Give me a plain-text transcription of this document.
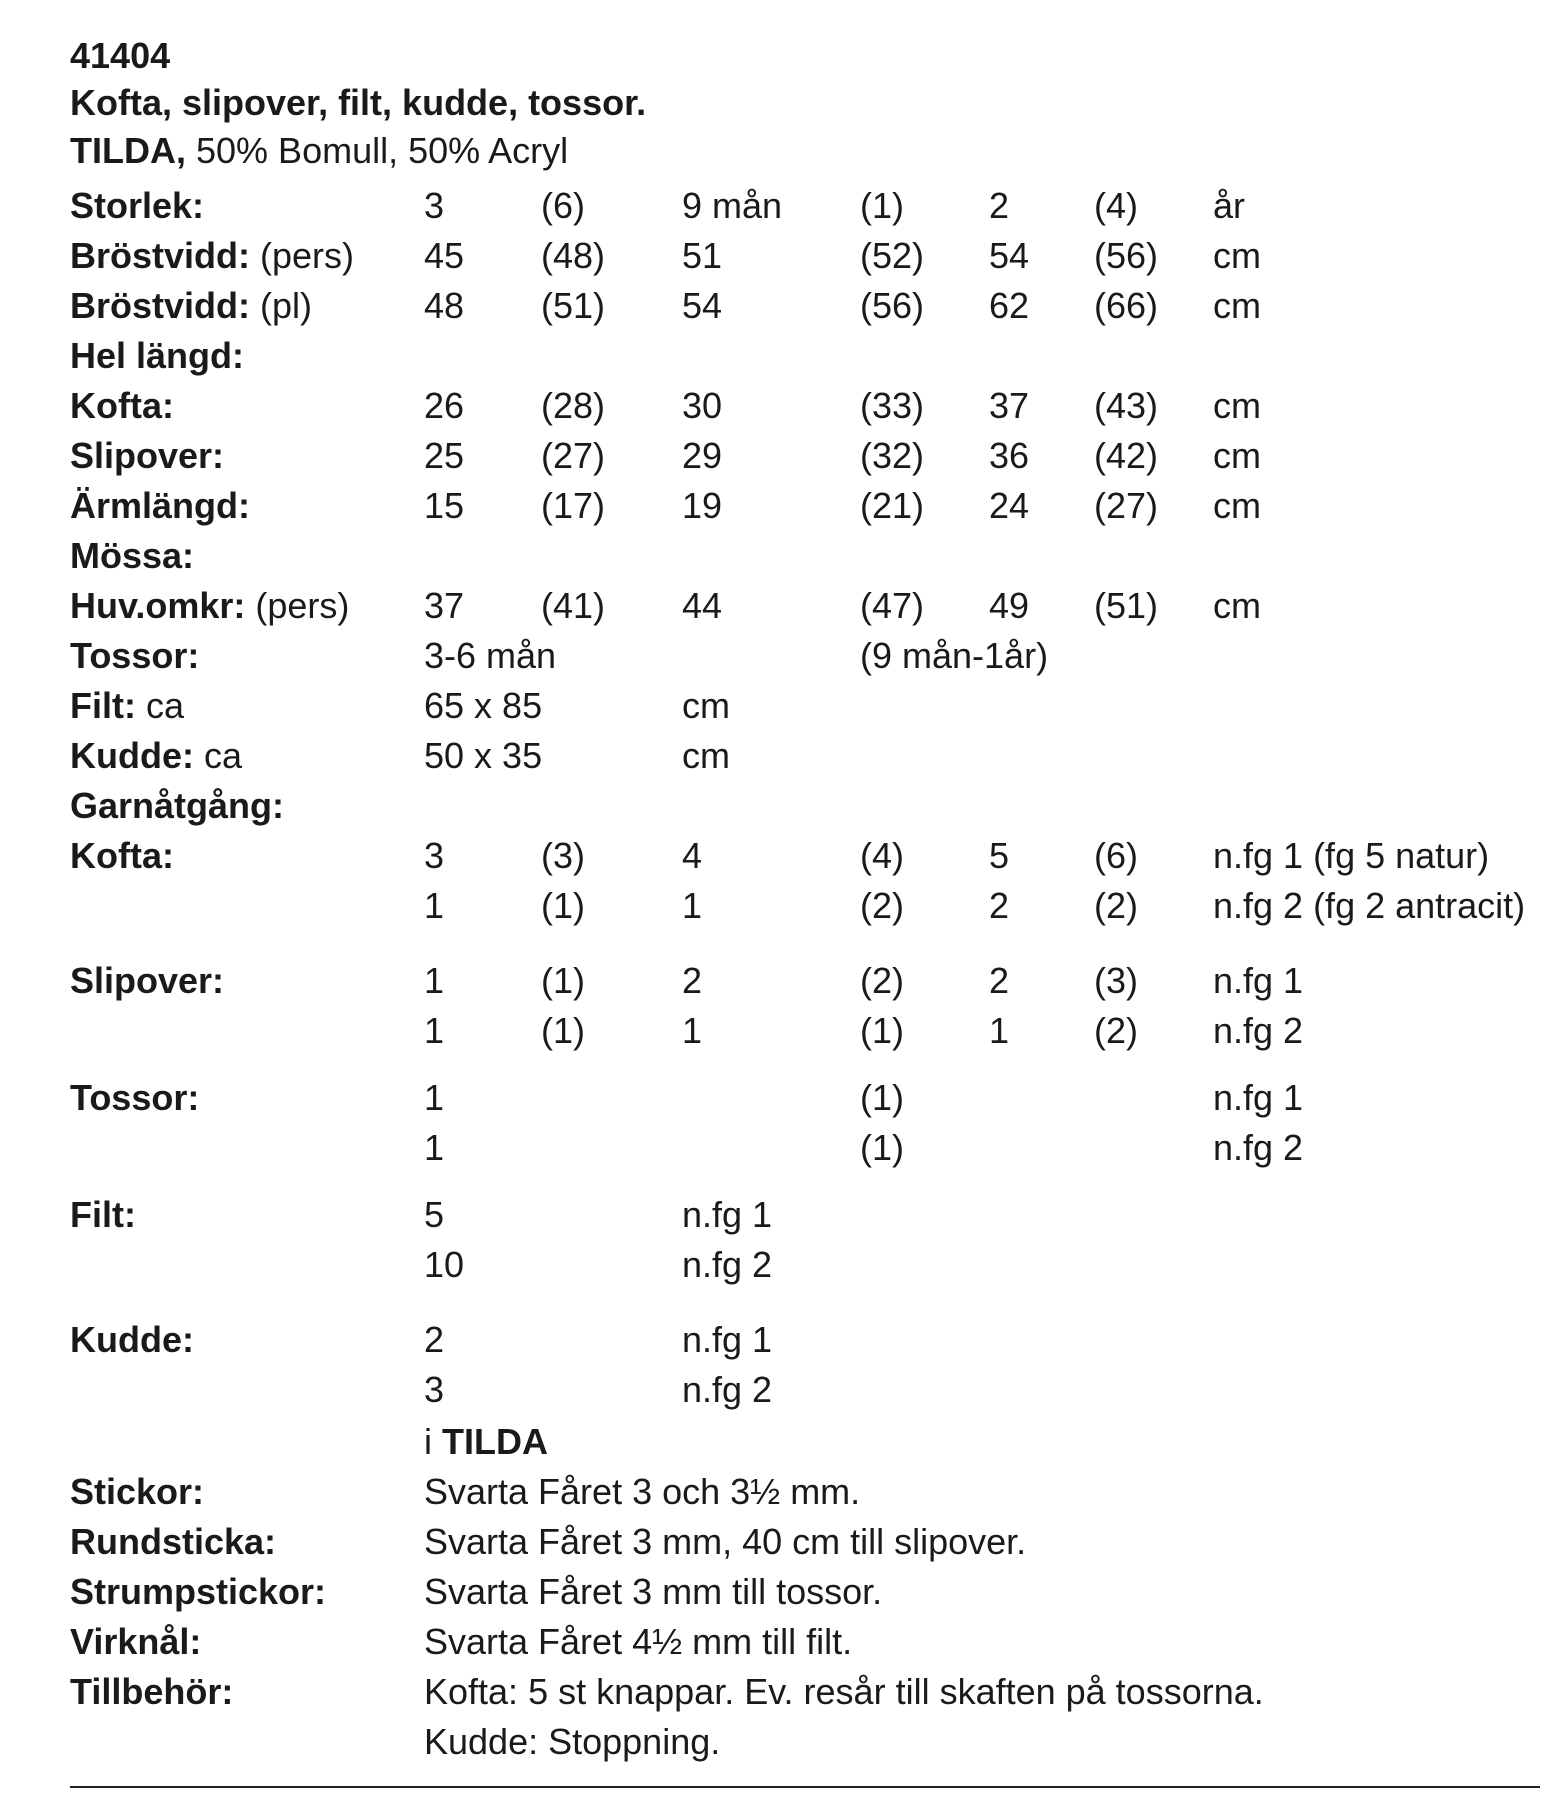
41404
Kofta, slipover, filt, kudde, tossor.
TILDA, 50% Bomull, 50% Acryl
Storlek:	3	(6)	9 mån (1) 2 (4) år
Bröstvidd: (pers) 45 (48) 51	(52) 54 (56) cm
Bröstvidd: (pl)	48 (51) 54	(56) 62 (66) cm
Hel längd:
Kofta:	26 (28) 30	(33) 37 (43) cm
Slipover:	25 (27) 29	(32) 36 (42) cm
Ärmlängd:	15 (17) 19	(21) 24 (27) cm
Mössa:
Huv.omkr: (pers) 37 (41) 44	(47) 49 (51) cm
Tossor:	3-6 mån	(9 mån-1år)
Filt: ca	65 x 85	cm
Kudde: ca	50 x 35	cm
Garnåtgång:
Kofta:	3	(3)	4	(4) 5 (6) n.fg 1 (fg 5 natur)
1	(1)	1	(2) 2 (2) n.fg 2 (fg 2 antracit)
Slipover:	1	(1)	2	(2) 2 (3) n.fg 1
1	(1)	1	(1) 1 (2) n.fg 2
Tossor:	1	(1)	n.fg 1
1	(1)	n.fg 2
Filt:	5	n.fg 1
10	n.fg 2
Kudde:	2	n.fg 1
3	n.fg 2
i TILDA
Stickor:	Svarta Fåret 3 och 3½ mm.
Rundsticka:	Svarta Fåret 3 mm, 40 cm till slipover.
Strumpstickor:	Svarta Fåret 3 mm till tossor.
Virknål:	Svarta Fåret 4½ mm till filt.
Tillbehör:	Kofta: 5 st knappar. Ev. resår till skaften på tossorna.
Kudde: Stoppning.
